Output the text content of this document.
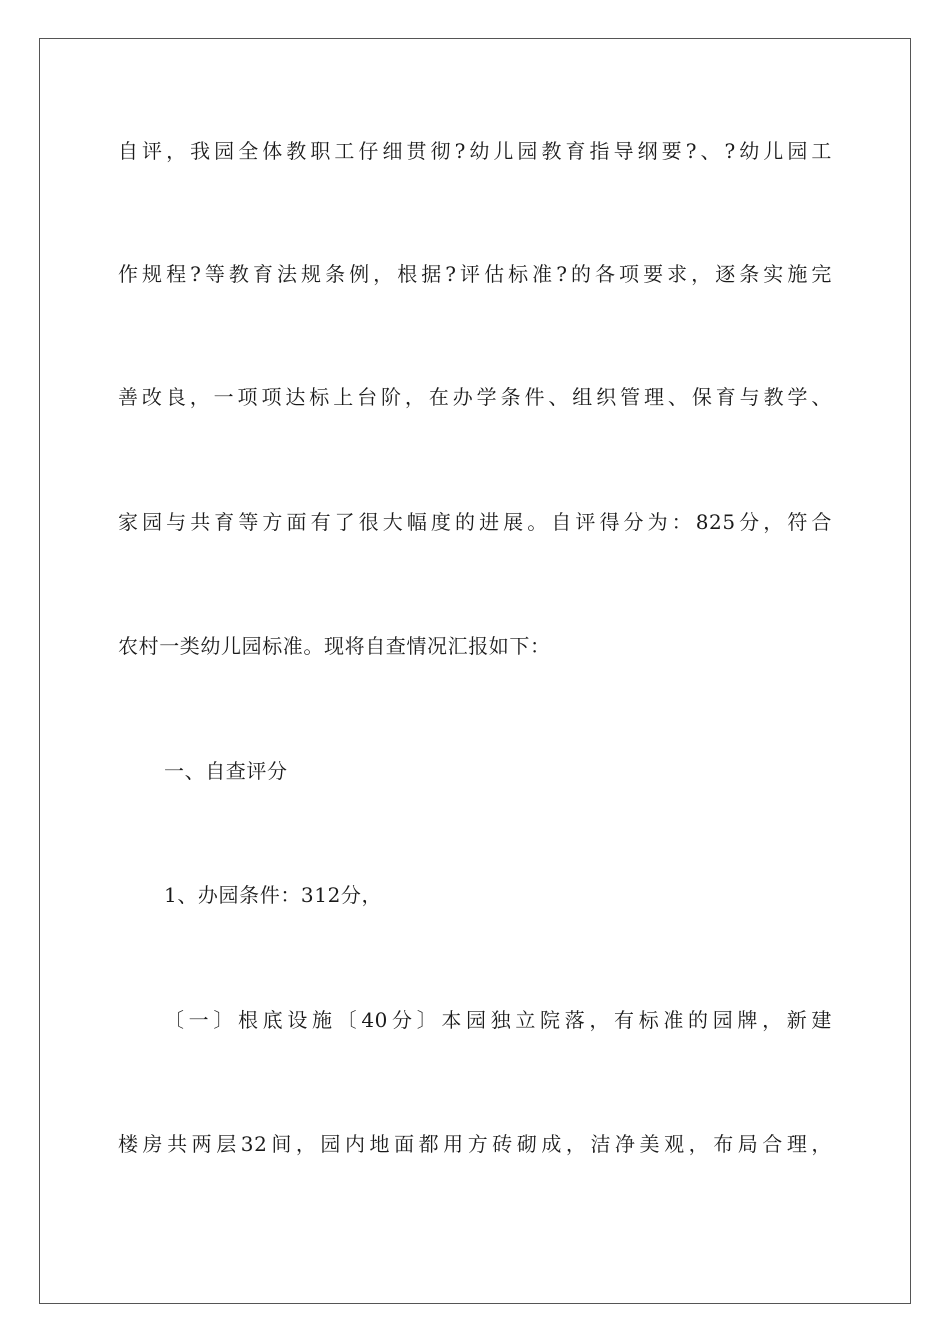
自评，我园全体教职工仔细贯彻?幼儿园教育指导纲要?、?幼儿园工
作规程?等教育法规条例，根据?评估标准?的各项要求，逐条实施完
善改良，一项项达标上台阶，在办学条件、组织管理、保育与教学、
家园与共育等方面有了很大幅度的进展。自评得分为：825分，符合
农村一类幼儿园标准。现将自查情况汇报如下：
一、自查评分
1、办园条件：312分，
〔一〕根底设施〔40分〕本园独立院落，有标准的园牌，新建
楼房共两层32间，园内地面都用方砖砌成，洁净美观，布局合理，
